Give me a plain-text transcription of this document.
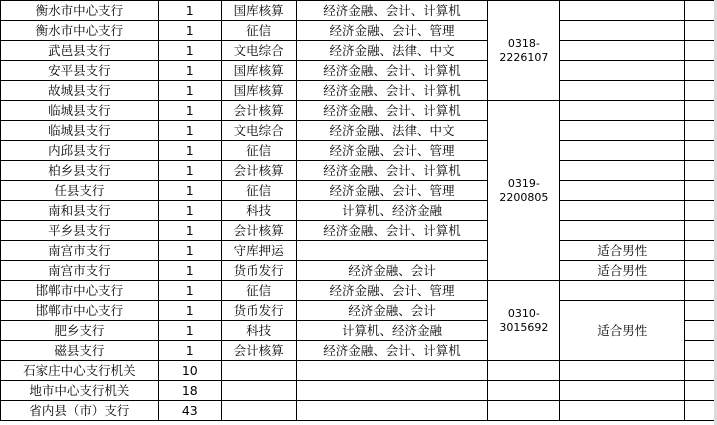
衡水市中心支行	1	国库核算	经济金融、会计、计算机	0318-2226107		
衡水市中心支行	1	征信	经济金融、会计、管理			
武邑县支行	1	文电综合	经济金融、法律、中文			
安平县支行	1	国库核算	经济金融、会计、计算机			
故城县支行	1	国库核算	经济金融、会计、计算机			
临城县支行	1	会计核算	经济金融、会计、计算机	0319-2200805		
临城县支行	1	文电综合	经济金融、法律、中文			
内邱县支行	1	征信	经济金融、会计、管理			
柏乡县支行	1	会计核算	经济金融、会计、计算机			
任县支行	1	征信	经济金融、会计、管理			
南和县支行	1	科技	计算机、经济金融			
平乡县支行	1	会计核算	经济金融、会计、计算机			
南宫市支行	1	守库押运			适合男性	
南宫市支行	1	货币发行	经济金融、会计		适合男性	
邯郸市中心支行	1	征信	经济金融、会计、管理	0310-3015692		
邯郸市中心支行	1	货币发行	经济金融、会计		适合男性	
肥乡支行	1	科技	计算机、经济金融			
磁县支行	1	会计核算	经济金融、会计、计算机			
石家庄中心支行机关	10					
地市中心支行机关	18					
省内县（市）支行	43					
